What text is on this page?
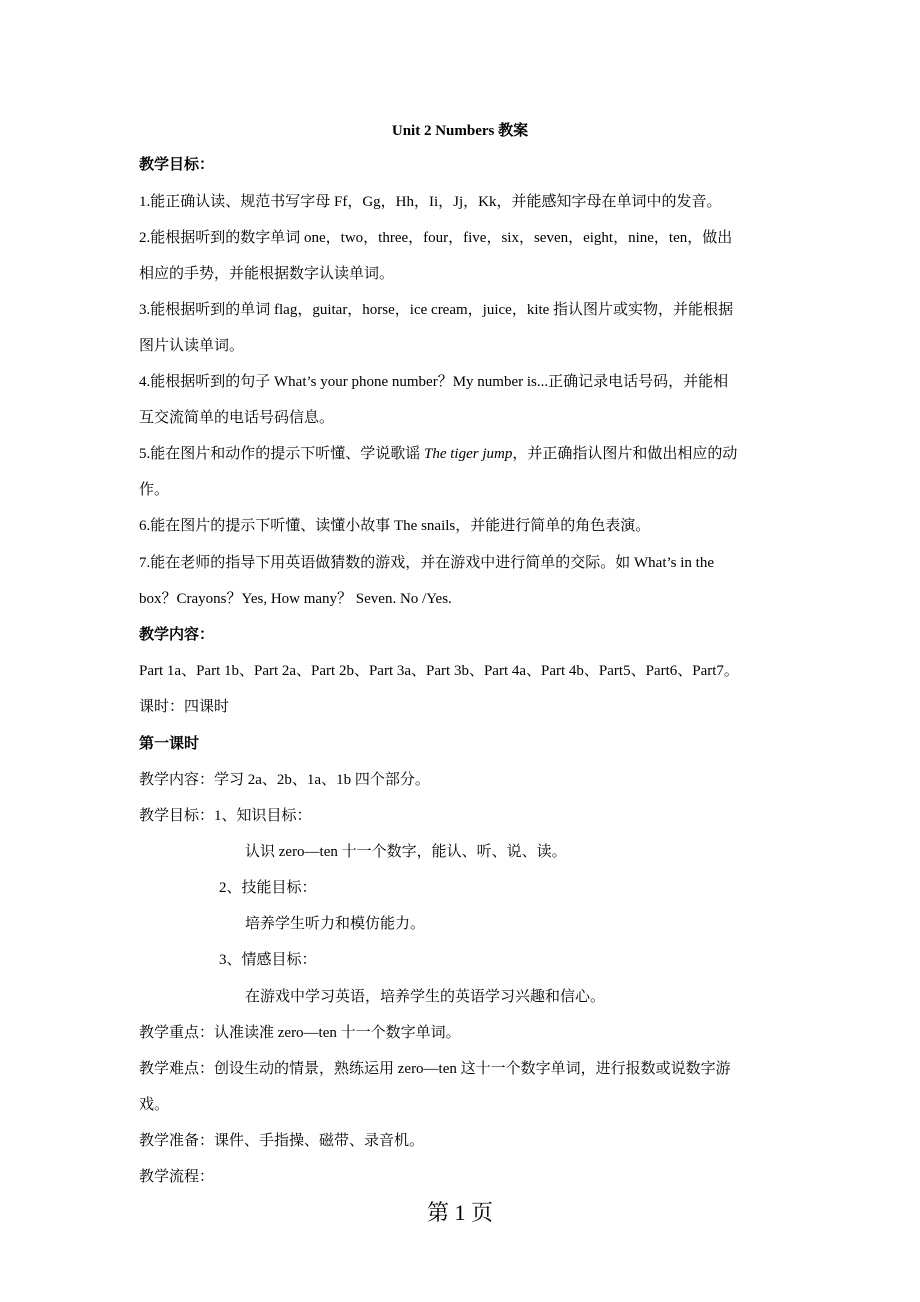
Unit 2 Numbers 教案
教学目标：
1.能正确认读、规范书写字母 Ff，Gg，Hh，Ii，Jj，Kk，并能感知字母在单词中的发音。
2.能根据听到的数字单词 one，two，three，four，five，six，seven，eight，nine，ten，做出
相应的手势，并能根据数字认读单词。
3.能根据听到的单词 flag，guitar，horse，ice cream，juice，kite 指认图片或实物，并能根据
图片认读单词。
4.能根据听到的句子 What’s your phone number？My number is...正确记录电话号码，并能相
互交流简单的电话号码信息。
5.能在图片和动作的提示下听懂、学说歌谣 The tiger jump，并正确指认图片和做出相应的动
作。
6.能在图片的提示下听懂、读懂小故事 The snails，并能进行简单的角色表演。
7.能在老师的指导下用英语做猜数的游戏，并在游戏中进行简单的交际。如 What’s in the
box？Crayons？Yes, How many？ Seven. No /Yes.
教学内容：
Part 1a、Part 1b、Part 2a、Part 2b、Part 3a、Part 3b、Part 4a、Part 4b、Part5、Part6、Part7。
课时：四课时
第一课时
教学内容：学习 2a、2b、1a、1b 四个部分。
教学目标：1、知识目标：
认识 zero—ten 十一个数字，能认、听、说、读。
2、技能目标：
培养学生听力和模仿能力。
3、情感目标：
在游戏中学习英语，培养学生的英语学习兴趣和信心。
教学重点：认准读准 zero—ten 十一个数字单词。
教学难点：创设生动的情景，熟练运用 zero—ten 这十一个数字单词，进行报数或说数字游
戏。
教学准备：课件、手指操、磁带、录音机。
教学流程：
第 1 页
